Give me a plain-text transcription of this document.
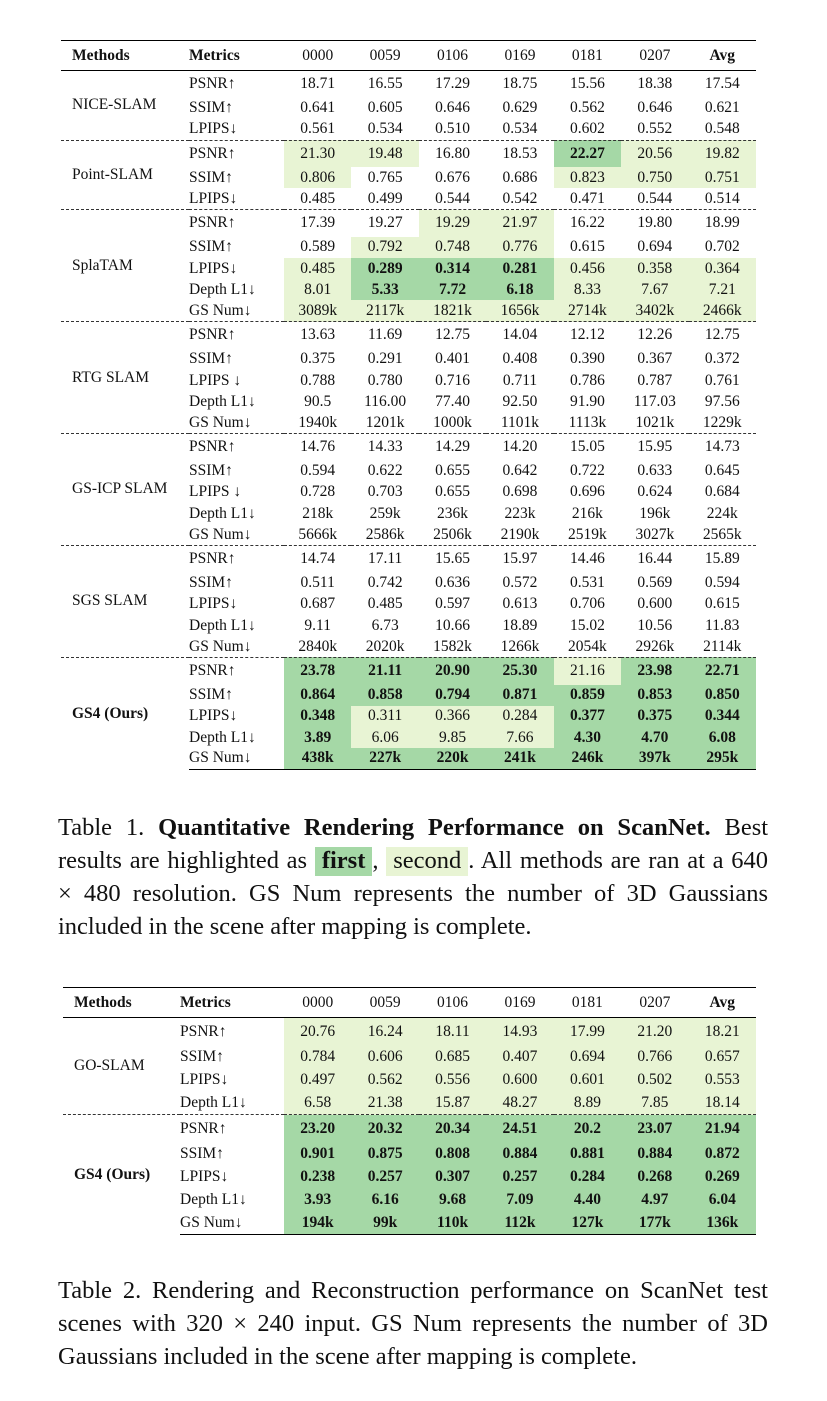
Methods	Metrics	0000	0059	0106	0169	0181	0207	Avg
NICE-SLAM	PSNR↑	18.71	16.55	17.29	18.75	15.56	18.38	17.54
	SSIM↑	0.641	0.605	0.646	0.629	0.562	0.646	0.621
	LPIPS↓	0.561	0.534	0.510	0.534	0.602	0.552	0.548
Point-SLAM	PSNR↑	21.30	19.48	16.80	18.53	22.27	20.56	19.82
	SSIM↑	0.806	0.765	0.676	0.686	0.823	0.750	0.751
	LPIPS↓	0.485	0.499	0.544	0.542	0.471	0.544	0.514
SplaTAM	PSNR↑	17.39	19.27	19.29	21.97	16.22	19.80	18.99
	SSIM↑	0.589	0.792	0.748	0.776	0.615	0.694	0.702
	LPIPS↓	0.485	0.289	0.314	0.281	0.456	0.358	0.364
	Depth L1↓	8.01	5.33	7.72	6.18	8.33	7.67	7.21
	GS Num↓	3089k	2117k	1821k	1656k	2714k	3402k	2466k
RTG SLAM	PSNR↑	13.63	11.69	12.75	14.04	12.12	12.26	12.75
	SSIM↑	0.375	0.291	0.401	0.408	0.390	0.367	0.372
	LPIPS ↓	0.788	0.780	0.716	0.711	0.786	0.787	0.761
	Depth L1↓	90.5	116.00	77.40	92.50	91.90	117.03	97.56
	GS Num↓	1940k	1201k	1000k	1101k	1113k	1021k	1229k
GS-ICP SLAM	PSNR↑	14.76	14.33	14.29	14.20	15.05	15.95	14.73
	SSIM↑	0.594	0.622	0.655	0.642	0.722	0.633	0.645
	LPIPS ↓	0.728	0.703	0.655	0.698	0.696	0.624	0.684
	Depth L1↓	218k	259k	236k	223k	216k	196k	224k
	GS Num↓	5666k	2586k	2506k	2190k	2519k	3027k	2565k
SGS SLAM	PSNR↑	14.74	17.11	15.65	15.97	14.46	16.44	15.89
	SSIM↑	0.511	0.742	0.636	0.572	0.531	0.569	0.594
	LPIPS↓	0.687	0.485	0.597	0.613	0.706	0.600	0.615
	Depth L1↓	9.11	6.73	10.66	18.89	15.02	10.56	11.83
	GS Num↓	2840k	2020k	1582k	1266k	2054k	2926k	2114k
GS4 (Ours)	PSNR↑	23.78	21.11	20.90	25.30	21.16	23.98	22.71
	SSIM↑	0.864	0.858	0.794	0.871	0.859	0.853	0.850
	LPIPS↓	0.348	0.311	0.366	0.284	0.377	0.375	0.344
	Depth L1↓	3.89	6.06	9.85	7.66	4.30	4.70	6.08
	GS Num↓	438k	227k	220k	241k	246k	397k	295k
Table 1. Quantitative Rendering Performance on ScanNet. Best results are highlighted as first , second . All methods are ran at a 640 × 480 resolution. GS Num represents the number of 3D Gaussians included in the scene after mapping is complete.
Methods	Metrics	0000	0059	0106	0169	0181	0207	Avg
GO-SLAM	PSNR↑	20.76	16.24	18.11	14.93	17.99	21.20	18.21
	SSIM↑	0.784	0.606	0.685	0.407	0.694	0.766	0.657
	LPIPS↓	0.497	0.562	0.556	0.600	0.601	0.502	0.553
	Depth L1↓	6.58	21.38	15.87	48.27	8.89	7.85	18.14
GS4 (Ours)	PSNR↑	23.20	20.32	20.34	24.51	20.2	23.07	21.94
	SSIM↑	0.901	0.875	0.808	0.884	0.881	0.884	0.872
	LPIPS↓	0.238	0.257	0.307	0.257	0.284	0.268	0.269
	Depth L1↓	3.93	6.16	9.68	7.09	4.40	4.97	6.04
	GS Num↓	194k	99k	110k	112k	127k	177k	136k
Table 2. Rendering and Reconstruction performance on ScanNet test scenes with 320 × 240 input. GS Num represents the number of 3D Gaussians included in the scene after mapping is complete.
